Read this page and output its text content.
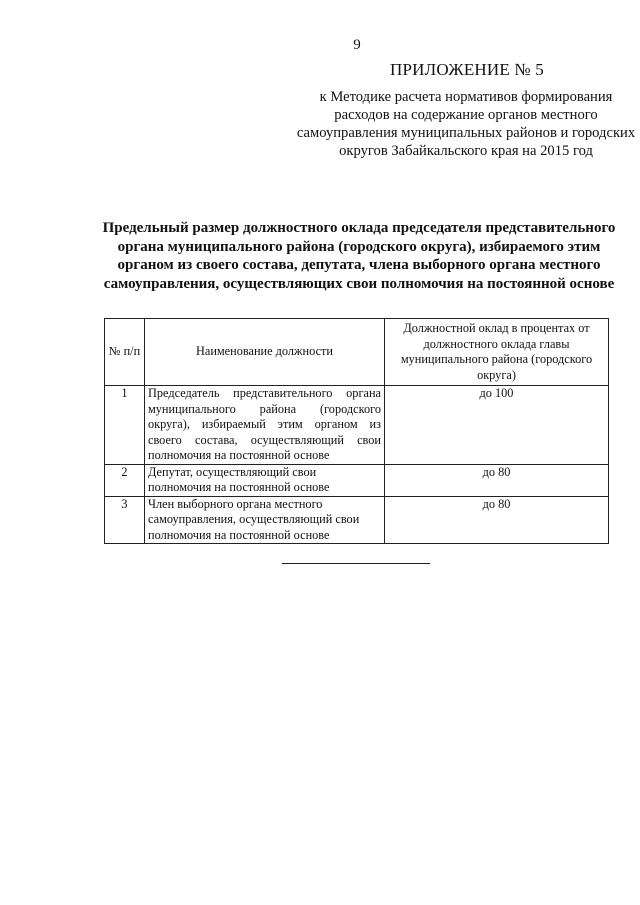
9
ПРИЛОЖЕНИЕ № 5
к Методике расчета нормативов формирования расходов на содержание органов местного самоуправления муниципальных районов и городских округов Забайкальского края на 2015 год
Предельный размер должностного оклада председателя представительного органа муниципального района (городского округа), избираемого этим органом из своего состава, депутата, члена выборного органа местного самоуправления, осуществляющих свои полномочия на постоянной основе
№ п/п	Наименование должности	Должностной оклад в процентах от должностного оклада главы муниципального района (городского округа)
1	Председатель представительного органа муниципального района (городского округа), избираемый этим органом из своего состава, осуществляющий свои полномочия на постоянной основе	до 100
2	Депутат, осуществляющий свои полномочия на постоянной основе	до 80
3	Член выборного органа местного самоуправления, осуществляющий свои полномочия на постоянной основе	до 80
